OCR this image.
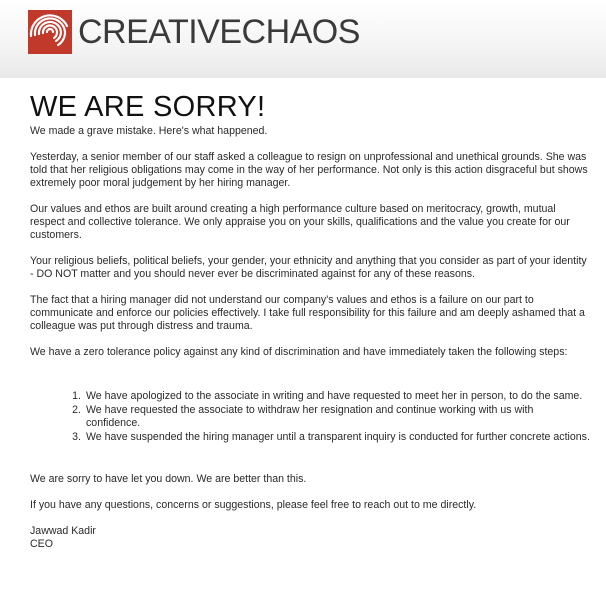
CREATIVECHAOS
WE ARE SORRY!

We made a grave mistake. Here's what happened.

Yesterday, a senior member of our staff asked a colleague to resign on unprofessional and unethical grounds. She was told that her religious obligations may come in the way of her performance. Not only is this action disgraceful but shows extremely poor moral judgement by her hiring manager.

Our values and ethos are built around creating a high performance culture based on meritocracy, growth, mutual respect and collective tolerance. We only appraise you on your skills, qualifications and the value you create for our customers.

Your religious beliefs, political beliefs, your gender, your ethnicity and anything that you consider as part of your identity - DO NOT matter and you should never ever be discriminated against for any of these reasons.

The fact that a hiring manager did not understand our company's values and ethos is a failure on our part to communicate and enforce our policies effectively. I take full responsibility for this failure and am deeply ashamed that a colleague was put through distress and trauma.

We have a zero tolerance policy against any kind of discrimination and have immediately taken the following steps:

1. We have apologized to the associate in writing and have requested to meet her in person, to do the same.
2. We have requested the associate to withdraw her resignation and continue working with us with confidence.
3. We have suspended the hiring manager until a transparent inquiry is conducted for further concrete actions.

We are sorry to have let you down. We are better than this.

If you have any questions, concerns or suggestions, please feel free to reach out to me directly.

Jawwad Kadir

CEO
